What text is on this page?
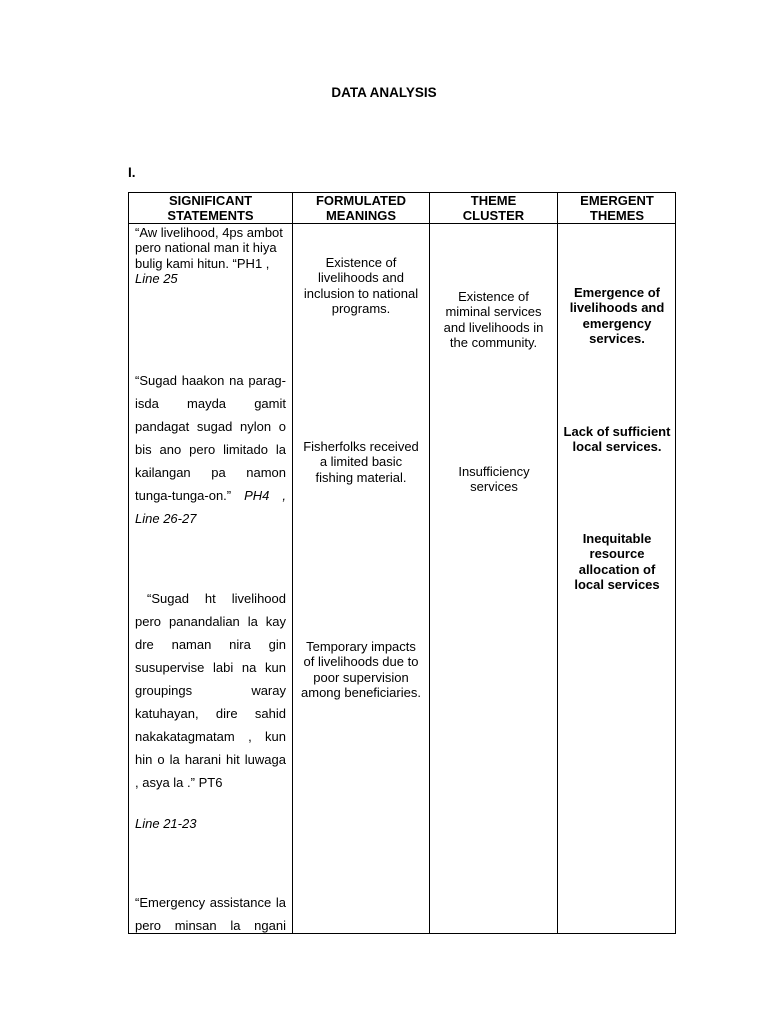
DATA ANALYSIS
I.
SIGNIFICANT STATEMENTS
FORMULATED MEANINGS
THEME CLUSTER
EMERGENT THEMES
“Aw livelihood, 4ps ambot pero national man it hiya bulig kami hitun. “PH1 , Line 25

“Sugad haakon na parag-isda mayda gamit pandagat sugad nylon o bis ano pero limitado la kailangan pa namon tunga-tunga-on.” PH4 , Line 26-27

“Sugad ht livelihood pero panandalian la kay dre naman nira gin susupervise labi na kun groupings waray katuhayan, dire sahid nakakatagmatam , kun hin o la harani hit luwaga , asya la .” PT6

Line 21-23

“Emergency assistance la pero minsan la ngani

Existence of livelihoods and inclusion to national programs.
Fisherfolks received a limited basic fishing material.
Temporary impacts of livelihoods due to poor supervision among beneficiaries.
Existence of miminal services and livelihoods in the community.
Insufficiency services
Emergence of livelihoods and emergency services.
Lack of sufficient local services.
Inequitable resource allocation of local services
